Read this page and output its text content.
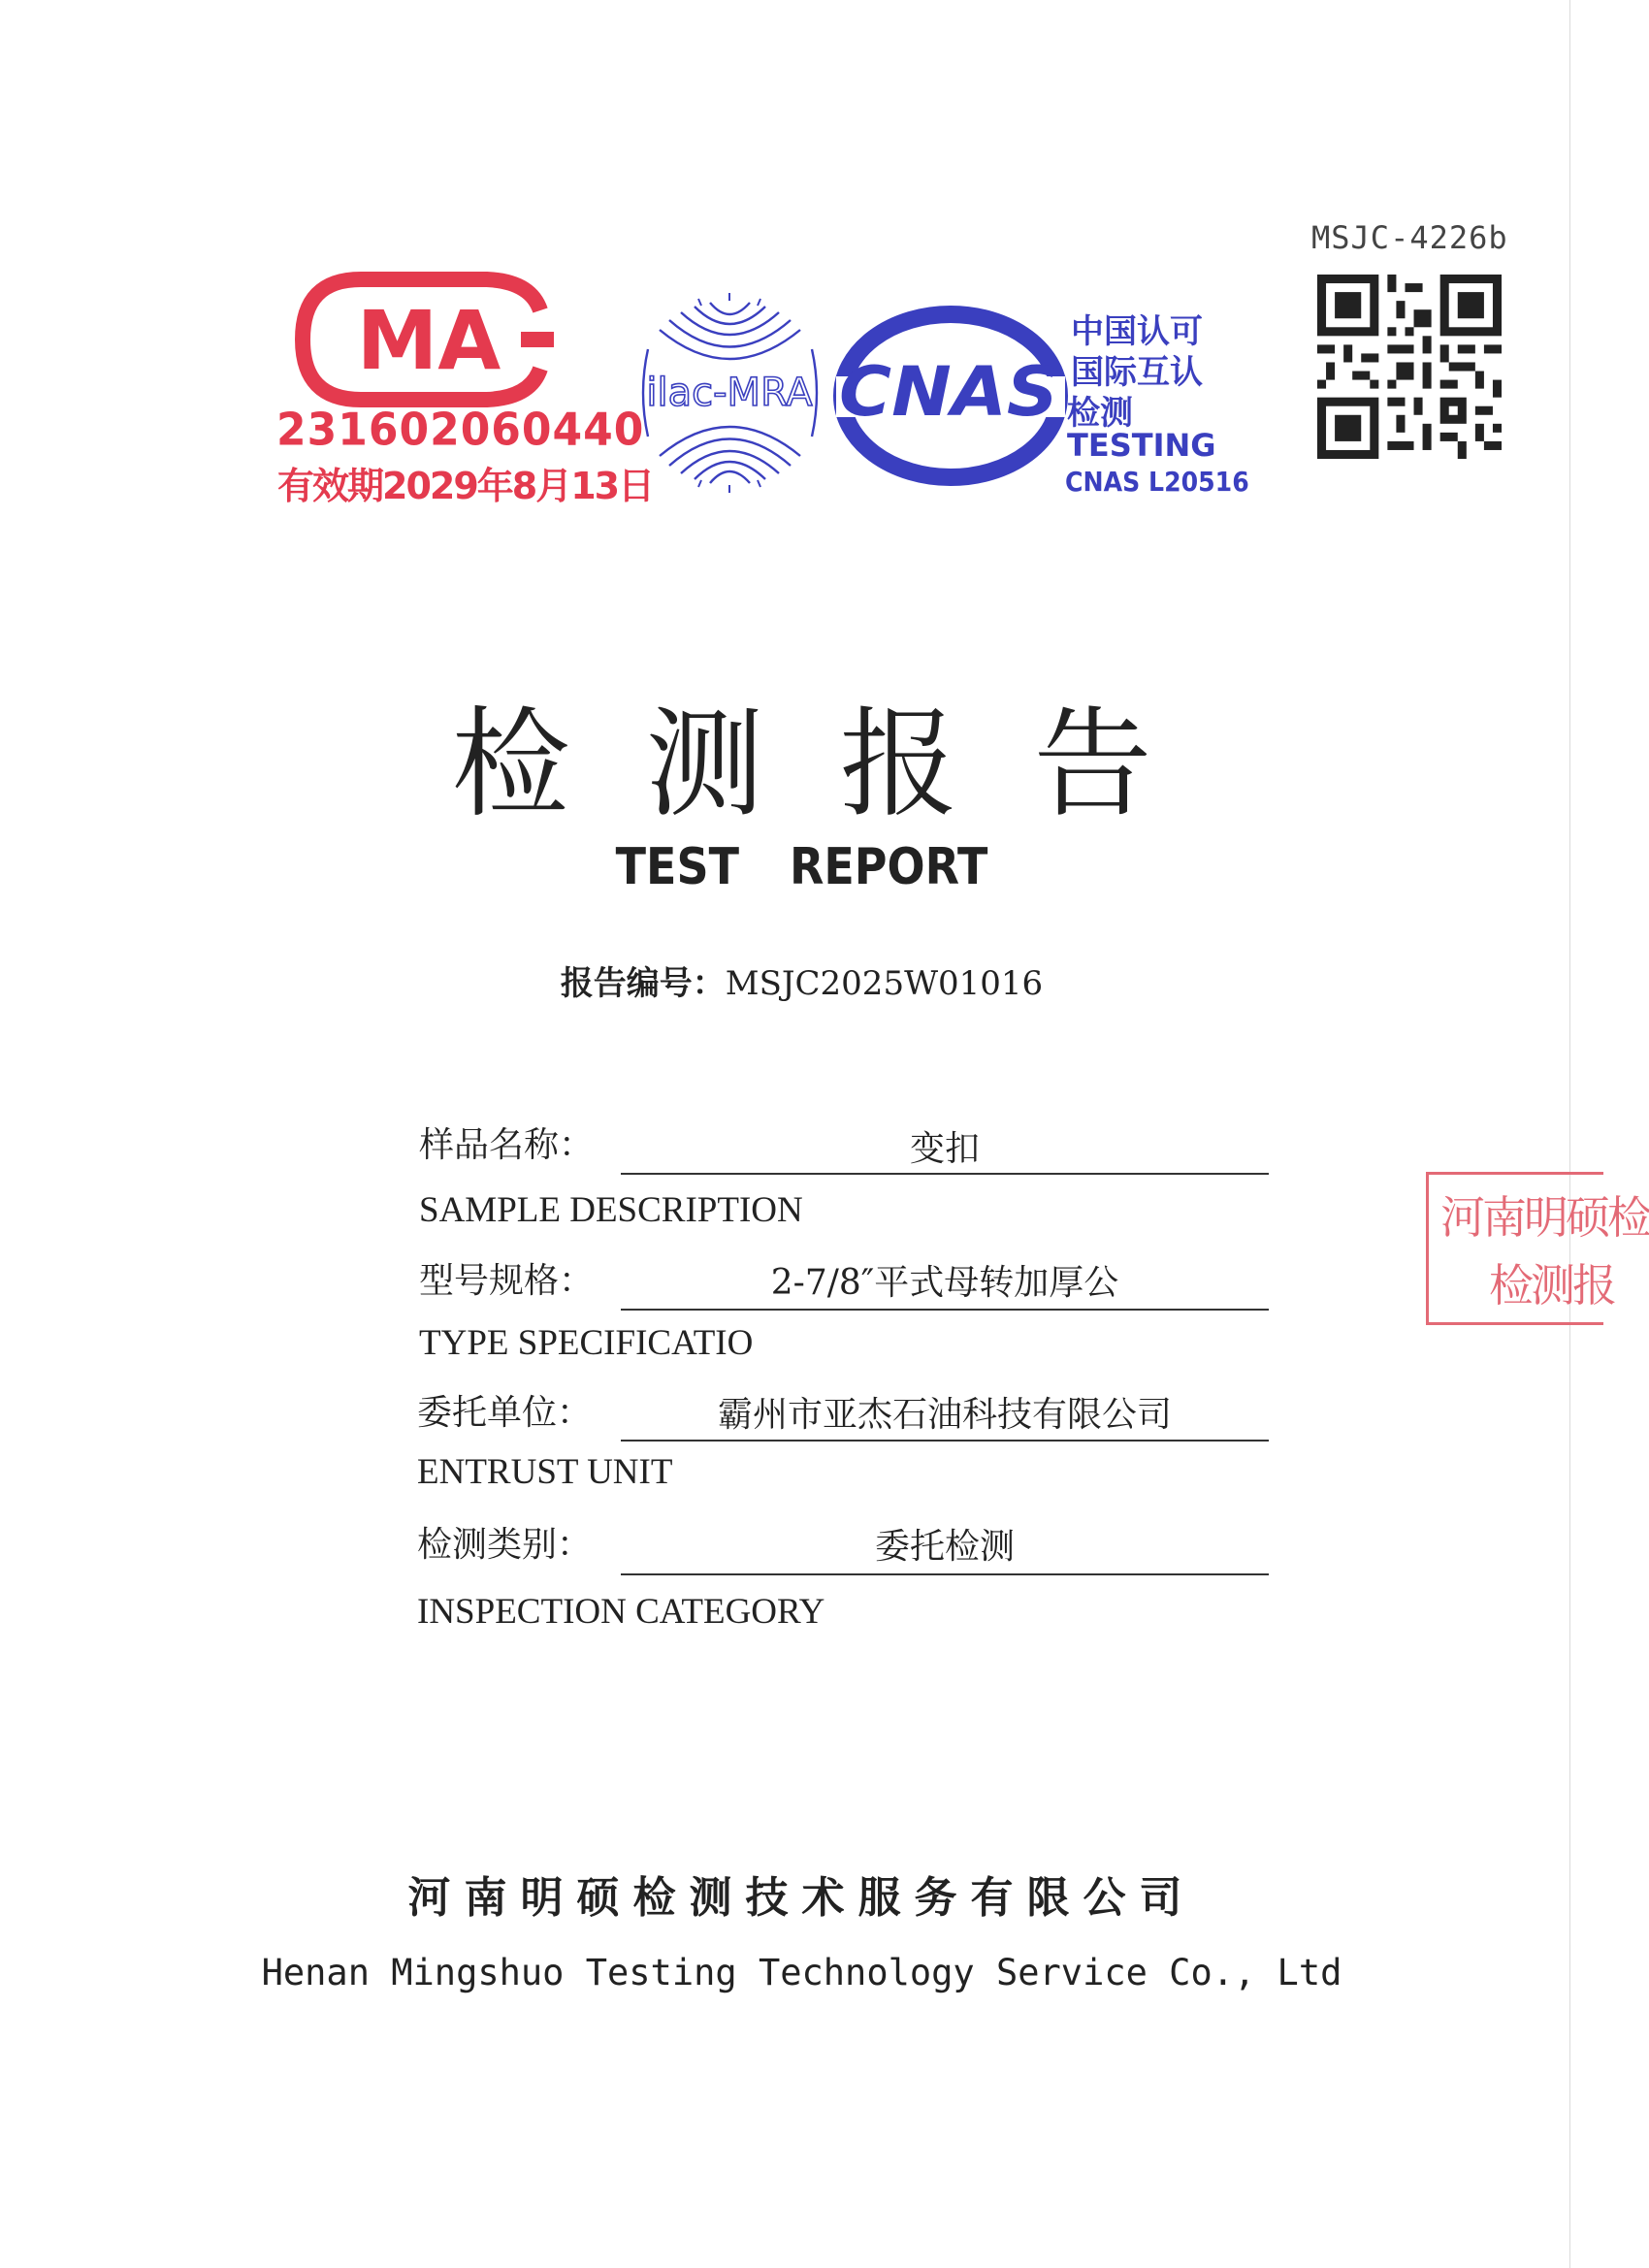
MSJC-4226b
MA
231602060440
有效期2029年8月13日
ilac-MRA CNAS
中国认可
国际互认
检测
TESTING
CNAS L20516
检测报告
TEST REPORT
报告编号：MSJC2025W01016
样品名称：	变扣
SAMPLE DESCRIPTION
型号规格：	2-7/8″平式母转加厚公
TYPE SPECIFICATIO
委托单位：	霸州市亚杰石油科技有限公司
ENTRUST UNIT
检测类别：	委托检测
INSPECTION CATEGORY
河南明硕检测技术服务有限公司
Henan Mingshuo Testing Technology Service Co., Ltd
河南明硕检
检测报
